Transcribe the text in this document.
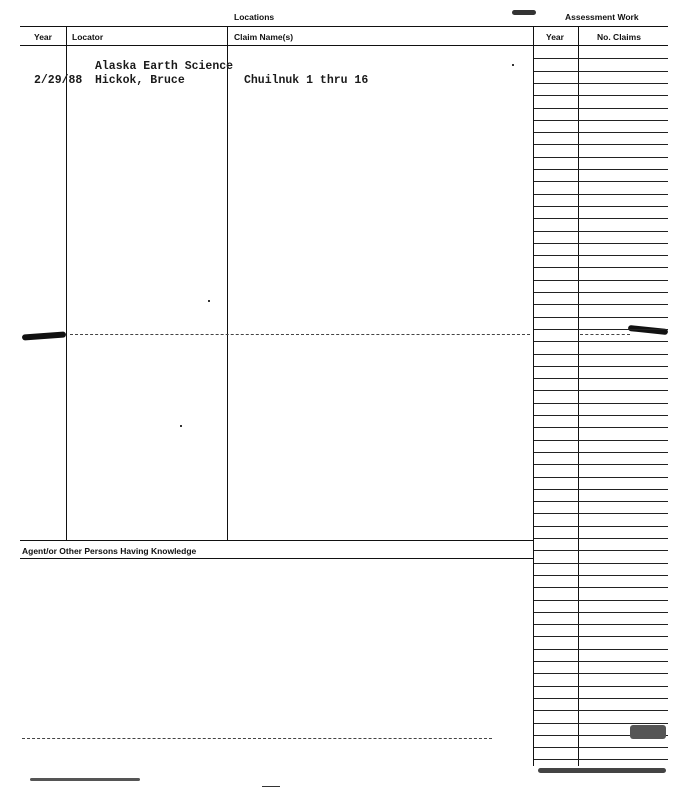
Locations	Assessment Work
Year Locator	Claim Name(s)	Year	No. Claims
Alaska Earth Science
2/29/88 Hickok, Bruce	Chuilnuk 1 thru 16
Agent/or Other Persons Having Knowledge
